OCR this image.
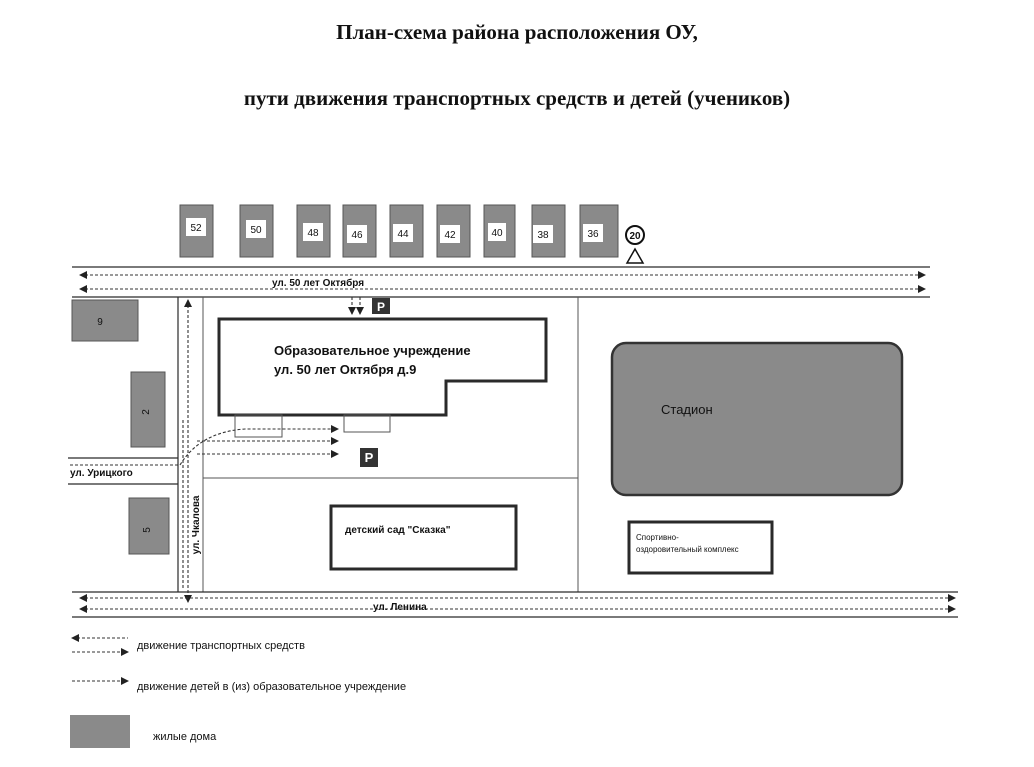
План-схема района расположения ОУ,
пути движения транспортных средств и детей (учеников)
52	50	48	46	44	42	40	38	36	20
ул. 50 лет Октября
P
Образовательное учреждение
ул. 50 лет Октября д.9
P
детский сад "Сказка"
Стадион
Спортивно-
оздоровительный комплекс
9
2
5
ул. Урицкого
ул. Чкалова
ул. Ленина
движение транспортных средств
движение детей в (из) образовательное учреждение
жилые дома
